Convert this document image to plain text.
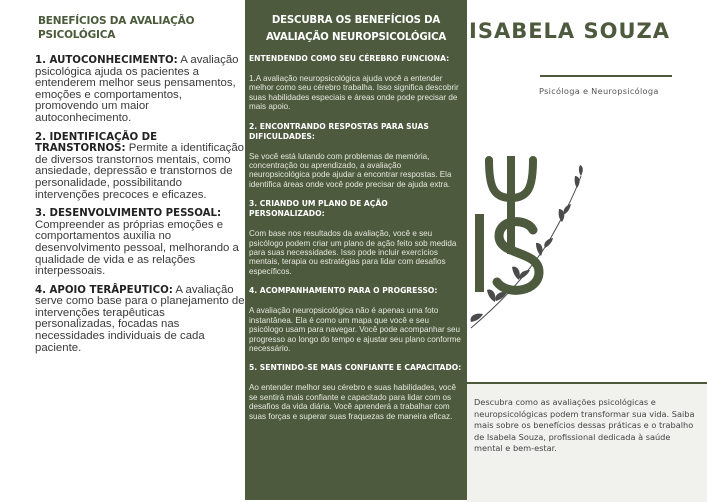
BENEFÍCIOS DA AVALIAÇÃO PSICOLÓGICA
1. AUTOCONHECIMENTO: A avaliação psicológica ajuda os pacientes a entenderem melhor seus pensamentos, emoções e comportamentos, promovendo um maior autoconhecimento.
2. IDENTIFICAÇÃO DE TRANSTORNOS: Permite a identificação de diversos transtornos mentais, como ansiedade, depressão e transtornos de personalidade, possibilitando intervenções precoces e eficazes.
3. DESENVOLVIMENTO PESSOAL: Compreender as próprias emoções e comportamentos auxilia no desenvolvimento pessoal, melhorando a qualidade de vida e as relações interpessoais.
4. APOIO TERÂPEUTICO: A avaliação serve como base para o planejamento de intervenções terapêuticas personalizadas, focadas nas necessidades individuais de cada paciente.
DESCUBRA OS BENEFÍCIOS DA AVALIAÇÃO NEUROPSICOLÓGICA
ENTENDENDO COMO SEU CÉREBRO FUNCIONA:
1.A avaliação neuropsicológica ajuda você a entender melhor como seu cérebro trabalha. Isso significa descobrir suas habilidades especiais e áreas onde pode precisar de mais apoio.
2. ENCONTRANDO RESPOSTAS PARA SUAS DIFICULDADES:
Se você está lutando com problemas de memória, concentração ou aprendizado, a avaliação neuropsicológica pode ajudar a encontrar respostas. Ela identifica áreas onde você pode precisar de ajuda extra.
3. CRIANDO UM PLANO DE AÇÃO PERSONALIZADO:
Com base nos resultados da avaliação, você e seu psicólogo podem criar um plano de ação feito sob medida para suas necessidades. Isso pode incluir exercícios mentais, terapia ou estratégias para lidar com desafios específicos.
4. ACOMPANHAMENTO PARA O PROGRESSO:
A avaliação neuropsicológica não é apenas uma foto instantânea. Ela é como um mapa que você e seu psicólogo usam para navegar. Você pode acompanhar seu progresso ao longo do tempo e ajustar seu plano conforme necessário.
5. SENTINDO-SE MAIS CONFIANTE E CAPACITADO:
Ao entender melhor seu cérebro e suas habilidades, você se sentirá mais confiante e capacitado para lidar com os desafios da vida diária. Você aprenderá a trabalhar com suas forças e superar suas fraquezas de maneira eficaz.
ISABELA SOUZA
Psicóloga e Neuropsicóloga
Descubra como as avaliações psicológicas e neuropsicológicas podem transformar sua vida. Saiba mais sobre os benefícios dessas práticas e o trabalho de Isabela Souza, profissional dedicada à saúde mental e bem-estar.
